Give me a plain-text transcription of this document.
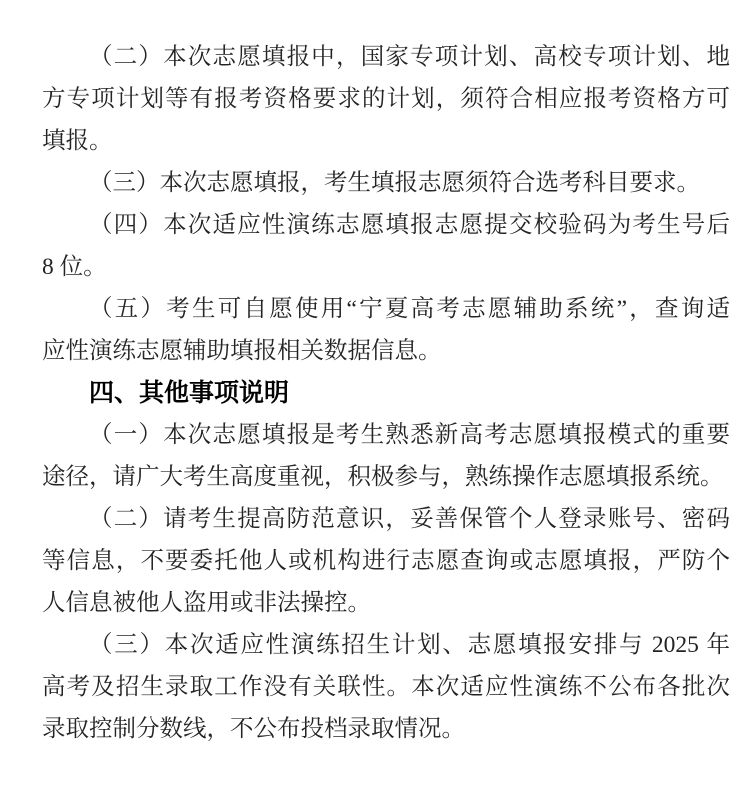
（二）本次志愿填报中，国家专项计划、高校专项计划、地
方专项计划等有报考资格要求的计划，须符合相应报考资格方可
填报。
（三）本次志愿填报，考生填报志愿须符合选考科目要求。
（四）本次适应性演练志愿填报志愿提交校验码为考生号后
8 位。
（五）考生可自愿使用“宁夏高考志愿辅助系统”，查询适
应性演练志愿辅助填报相关数据信息。
四、其他事项说明
（一）本次志愿填报是考生熟悉新高考志愿填报模式的重要
途径，请广大考生高度重视，积极参与，熟练操作志愿填报系统。
（二）请考生提高防范意识，妥善保管个人登录账号、密码
等信息，不要委托他人或机构进行志愿查询或志愿填报，严防个
人信息被他人盗用或非法操控。
（三）本次适应性演练招生计划、志愿填报安排与 2025 年
高考及招生录取工作没有关联性。本次适应性演练不公布各批次
录取控制分数线，不公布投档录取情况。
